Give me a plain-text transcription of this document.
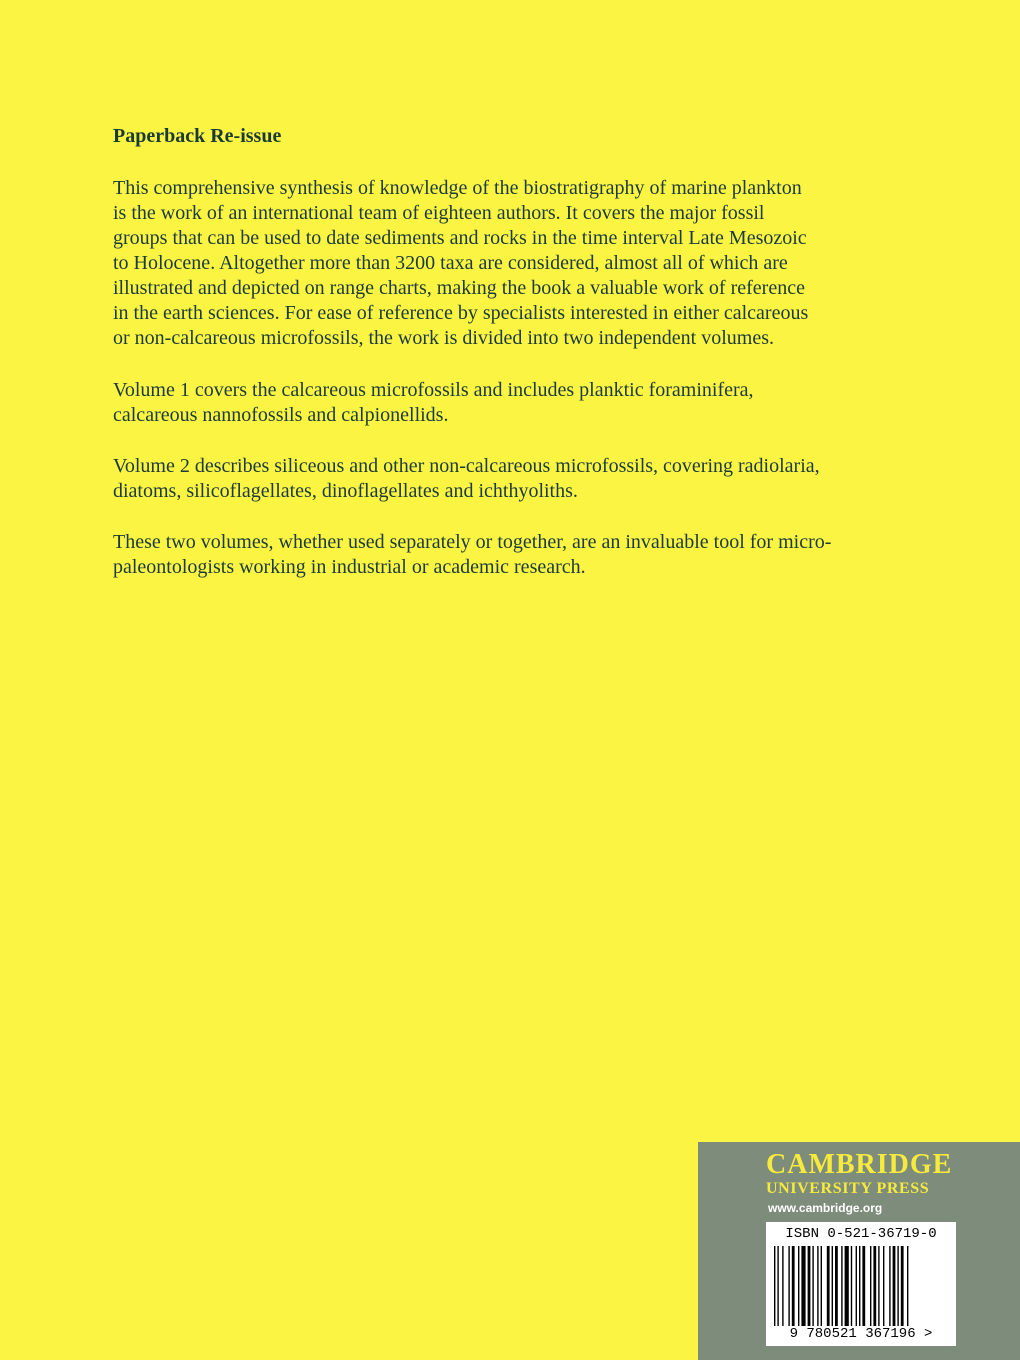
Paperback Re-issue

This comprehensive synthesis of knowledge of the biostratigraphy of marine plankton
is the work of an international team of eighteen authors. It covers the major fossil
groups that can be used to date sediments and rocks in the time interval Late Mesozoic
to Holocene. Altogether more than 3200 taxa are considered, almost all of which are
illustrated and depicted on range charts, making the book a valuable work of reference
in the earth sciences. For ease of reference by specialists interested in either calcareous
or non-calcareous microfossils, the work is divided into two independent volumes.

Volume 1 covers the calcareous microfossils and includes planktic foraminifera,
calcareous nannofossils and calpionellids.

Volume 2 describes siliceous and other non-calcareous microfossils, covering radiolaria,
diatoms, silicoflagellates, dinoflagellates and ichthyoliths.

These two volumes, whether used separately or together, are an invaluable tool for micro-
paleontologists working in industrial or academic research.

CAMBRIDGE
UNIVERSITY PRESS
www.cambridge.org
ISBN 0-521-36719-0
9 780521 367196 >
